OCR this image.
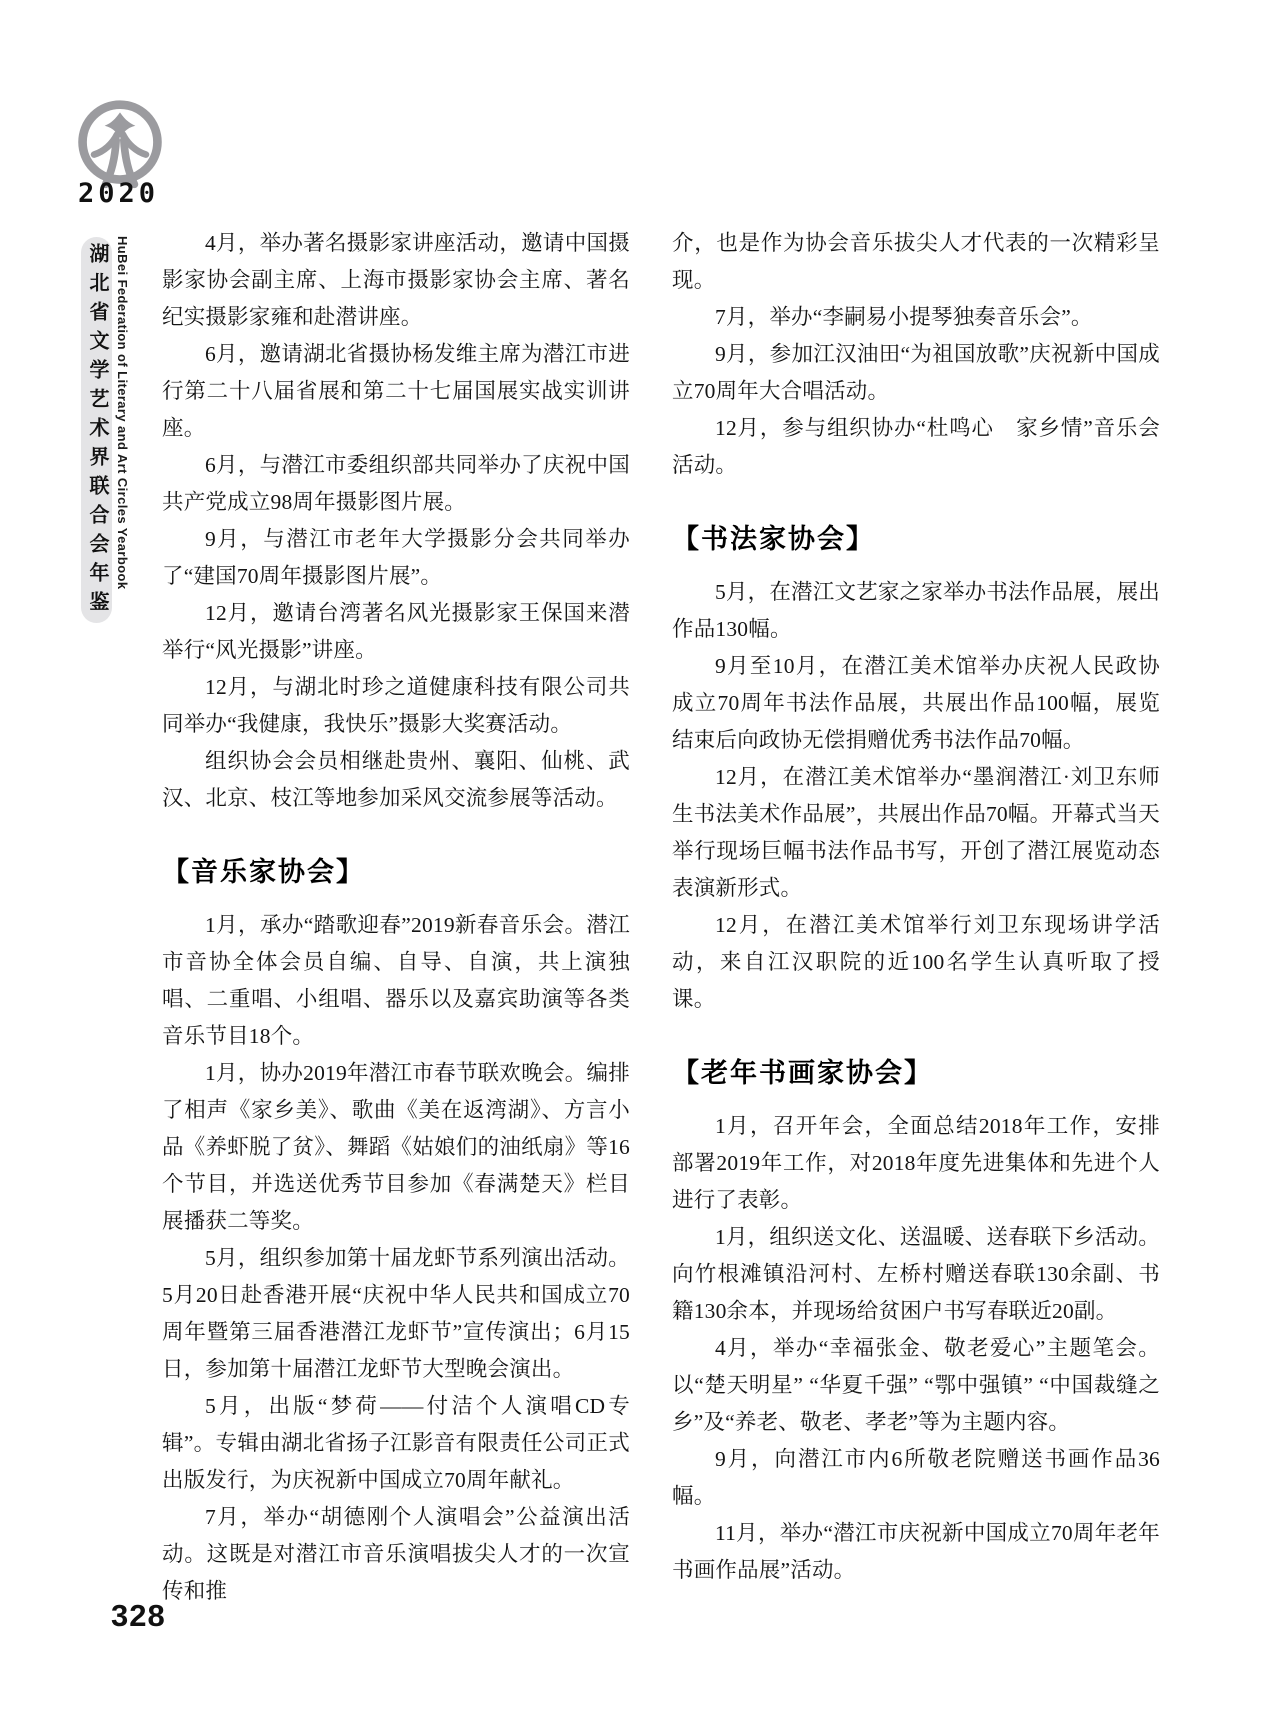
2020
湖北省文学艺术界联合会年鉴 HuBei Federation of Literary and Art Circles Yearbook	4月，举办著名摄影家讲座活动，邀请中国摄影家协会副主席、上海市摄影家协会主席、著名纪实摄影家雍和赴潜讲座。

6月，邀请湖北省摄协杨发维主席为潜江市进行第二十八届省展和第二十七届国展实战实训讲座。

6月，与潜江市委组织部共同举办了庆祝中国共产党成立98周年摄影图片展。

9月，与潜江市老年大学摄影分会共同举办了“建国70周年摄影图片展”。

12月，邀请台湾著名风光摄影家王保国来潜举行“风光摄影”讲座。

12月，与湖北时珍之道健康科技有限公司共同举办“我健康，我快乐”摄影大奖赛活动。

组织协会会员相继赴贵州、襄阳、仙桃、武汉、北京、枝江等地参加采风交流参展等活动。

【音乐家协会】

1月，承办“踏歌迎春”2019新春音乐会。潜江市音协全体会员自编、自导、自演，共上演独唱、二重唱、小组唱、器乐以及嘉宾助演等各类音乐节目18个。

1月，协办2019年潜江市春节联欢晚会。编排了相声《家乡美》、歌曲《美在返湾湖》、方言小品《养虾脱了贫》、舞蹈《姑娘们的油纸扇》等16个节目，并选送优秀节目参加《春满楚天》栏目展播获二等奖。

5月，组织参加第十届龙虾节系列演出活动。5月20日赴香港开展“庆祝中华人民共和国成立70周年暨第三届香港潜江龙虾节”宣传演出；6月15日，参加第十届潜江龙虾节大型晚会演出。

5月，出版“梦荷——付洁个人演唱CD专辑”。专辑由湖北省扬子江影音有限责任公司正式出版发行，为庆祝新中国成立70周年献礼。

7月，举办“胡德刚个人演唱会”公益演出活动。这既是对潜江市音乐演唱拔尖人才的一次宣传和推

介，也是作为协会音乐拔尖人才代表的一次精彩呈现。

7月，举办“李嗣易小提琴独奏音乐会”。

9月，参加江汉油田“为祖国放歌”庆祝新中国成立70周年大合唱活动。

12月，参与组织协办“杜鸣心　家乡情”音乐会活动。

【书法家协会】

5月，在潜江文艺家之家举办书法作品展，展出作品130幅。

9月至10月，在潜江美术馆举办庆祝人民政协成立70周年书法作品展，共展出作品100幅，展览结束后向政协无偿捐赠优秀书法作品70幅。

12月，在潜江美术馆举办“墨润潜江·刘卫东师生书法美术作品展”，共展出作品70幅。开幕式当天举行现场巨幅书法作品书写，开创了潜江展览动态表演新形式。

12月，在潜江美术馆举行刘卫东现场讲学活动，来自江汉职院的近100名学生认真听取了授课。

【老年书画家协会】

1月，召开年会，全面总结2018年工作，安排部署2019年工作，对2018年度先进集体和先进个人进行了表彰。

1月，组织送文化、送温暖、送春联下乡活动。向竹根滩镇沿河村、左桥村赠送春联130余副、书籍130余本，并现场给贫困户书写春联近20副。

4月，举办“幸福张金、敬老爱心”主题笔会。以“楚天明星” “华夏千强” “鄂中强镇” “中国裁缝之乡”及“养老、敬老、孝老”等为主题内容。

9月，向潜江市内6所敬老院赠送书画作品36幅。

11月，举办“潜江市庆祝新中国成立70周年老年书画作品展”活动。

328
